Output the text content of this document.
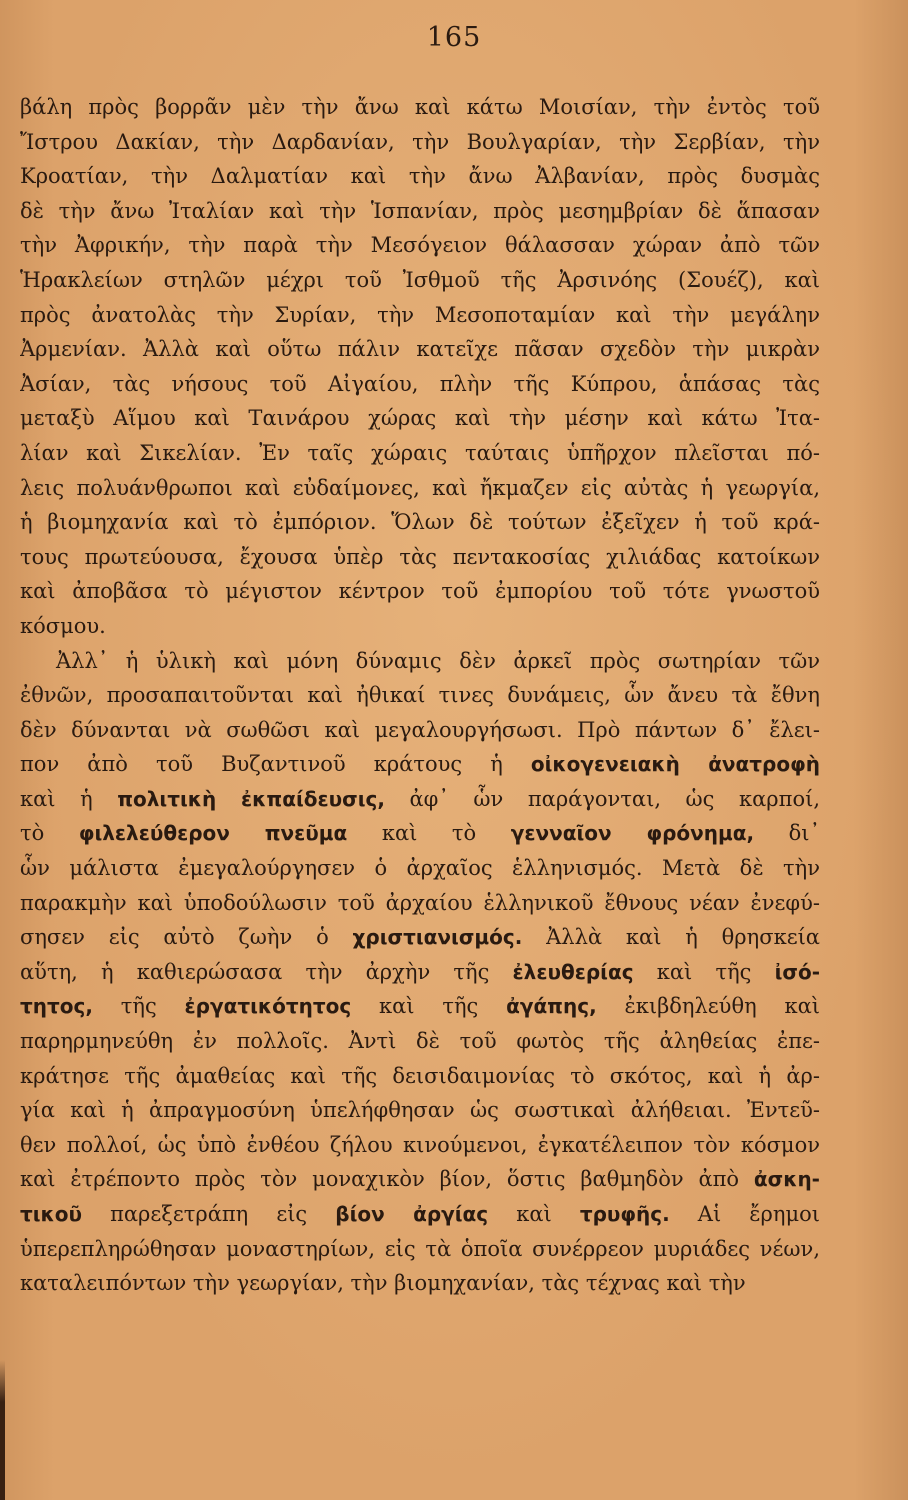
165
βάλη πρὸς βορρᾶν μὲν τὴν ἄνω καὶ κάτω Μοισίαν, τὴν ἐντὸς τοῦ
Ἴστρου Δακίαν, τὴν Δαρδανίαν, τὴν Βουλγαρίαν, τὴν Σερβίαν, τὴν
Κροατίαν, τὴν Δαλματίαν καὶ τὴν ἄνω Ἀλβανίαν, πρὸς δυσμὰς
δὲ τὴν ἄνω Ἰταλίαν καὶ τὴν Ἱσπανίαν, πρὸς μεσημβρίαν δὲ ἅπασαν
τὴν Ἀφρικήν, τὴν παρὰ τὴν Μεσόγειον θάλασσαν χώραν ἀπὸ τῶν
Ἡρακλείων στηλῶν μέχρι τοῦ Ἰσθμοῦ τῆς Ἀρσινόης (Σουέζ), καὶ
πρὸς ἀνατολὰς τὴν Συρίαν, τὴν Μεσοποταμίαν καὶ τὴν μεγάλην
Ἀρμενίαν. Ἀλλὰ καὶ οὕτω πάλιν κατεῖχε πᾶσαν σχεδὸν τὴν μικρὰν
Ἀσίαν, τὰς νήσους τοῦ Αἰγαίου, πλὴν τῆς Κύπρου, ἁπάσας τὰς
μεταξὺ Αἵμου καὶ Ταινάρου χώρας καὶ τὴν μέσην καὶ κάτω Ἰτα-
λίαν καὶ Σικελίαν. Ἐν ταῖς χώραις ταύταις ὑπῆρχον πλεῖσται πό-
λεις πολυάνθρωποι καὶ εὐδαίμονες, καὶ ἤκμαζεν εἰς αὐτὰς ἡ γεωργία,
ἡ βιομηχανία καὶ τὸ ἐμπόριον. Ὅλων δὲ τούτων ἐξεῖχεν ἡ τοῦ κρά-
τους πρωτεύουσα, ἔχουσα ὑπὲρ τὰς πεντακοσίας χιλιάδας κατοίκων
καὶ ἀποβᾶσα τὸ μέγιστον κέντρον τοῦ ἐμπορίου τοῦ τότε γνωστοῦ
κόσμου.
Ἀλλ᾽ ἡ ὑλικὴ καὶ μόνη δύναμις δὲν ἀρκεῖ πρὸς σωτηρίαν τῶν
ἐθνῶν, προσαπαιτοῦνται καὶ ἠθικαί τινες δυνάμεις, ὧν ἄνευ τὰ ἔθνη
δὲν δύνανται νὰ σωθῶσι καὶ μεγαλουργήσωσι. Πρὸ πάντων δ᾽ ἔλει-
πον ἀπὸ τοῦ Βυζαντινοῦ κράτους ἡ οἰκογενειακὴ ἀνατροφὴ
καὶ ἡ πολιτικὴ ἐκπαίδευσις, ἀφ᾽ ὧν παράγονται, ὡς καρποί,
τὸ φιλελεύθερον πνεῦμα καὶ τὸ γενναῖον φρόνημα, δι᾽
ὧν μάλιστα ἐμεγαλούργησεν ὁ ἀρχαῖος ἑλληνισμός. Μετὰ δὲ τὴν
παρακμὴν καὶ ὑποδούλωσιν τοῦ ἀρχαίου ἑλληνικοῦ ἔθνους νέαν ἐνεφύ-
σησεν εἰς αὐτὸ ζωὴν ὁ χριστιανισμός. Ἀλλὰ καὶ ἡ θρησκεία
αὕτη, ἡ καθιερώσασα τὴν ἀρχὴν τῆς ἐλευθερίας καὶ τῆς ἰσό-
τητος, τῆς ἐργατικότητος καὶ τῆς ἀγάπης, ἐκιβδηλεύθη καὶ
παρηρμηνεύθη ἐν πολλοῖς. Ἀντὶ δὲ τοῦ φωτὸς τῆς ἀληθείας ἐπε-
κράτησε τῆς ἀμαθείας καὶ τῆς δεισιδαιμονίας τὸ σκότος, καὶ ἡ ἀρ-
γία καὶ ἡ ἀπραγμοσύνη ὑπελήφθησαν ὡς σωστικαὶ ἀλήθειαι. Ἐντεῦ-
θεν πολλοί, ὡς ὑπὸ ἐνθέου ζήλου κινούμενοι, ἐγκατέλειπον τὸν κόσμον
καὶ ἐτρέποντο πρὸς τὸν μοναχικὸν βίον, ὅστις βαθμηδὸν ἀπὸ ἀσκη-
τικοῦ παρεξετράπη εἰς βίον ἀργίας καὶ τρυφῆς. Αἱ ἔρημοι
ὑπερεπληρώθησαν μοναστηρίων, εἰς τὰ ὁποῖα συνέρρεον μυριάδες νέων,
καταλειπόντων τὴν γεωργίαν, τὴν βιομηχανίαν, τὰς τέχνας καὶ τὴν
